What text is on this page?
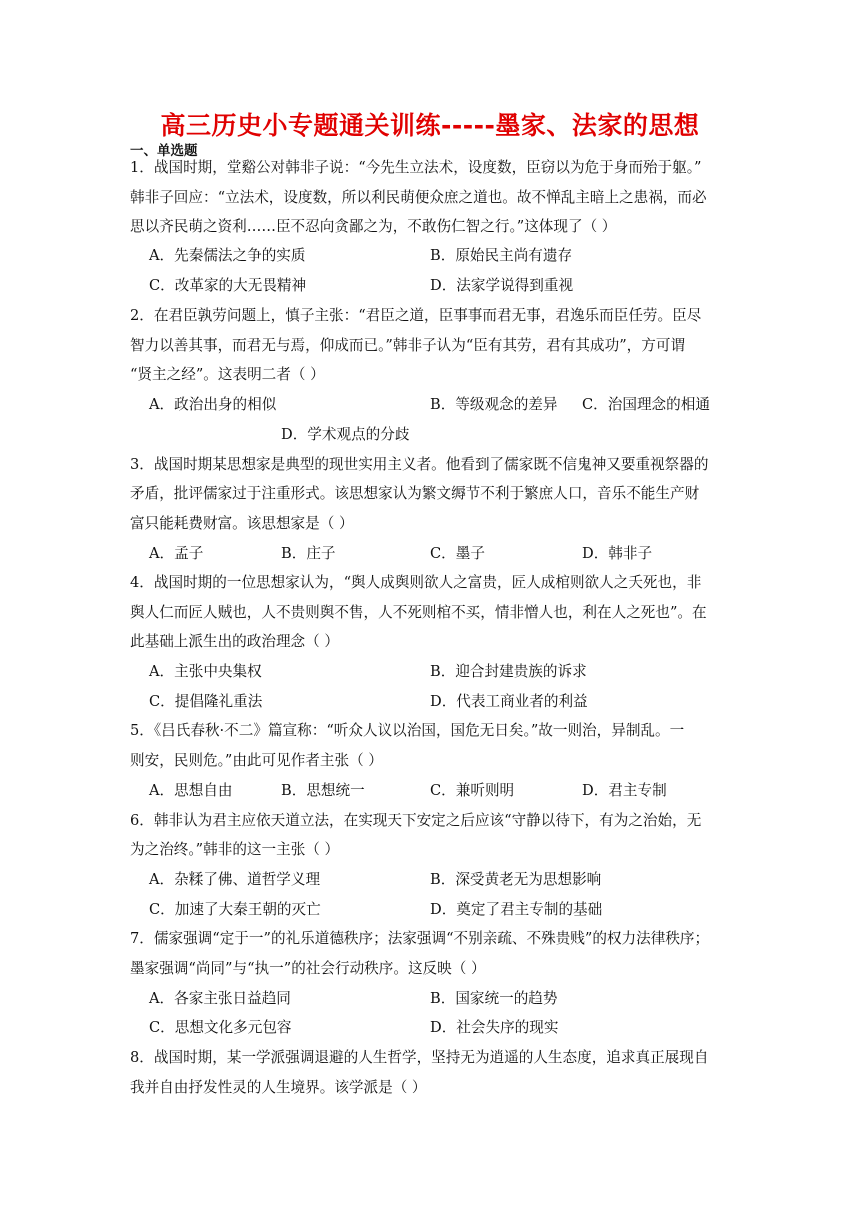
高三历史小专题通关训练-----墨家、法家的思想
一、单选题
1．战国时期，堂谿公对韩非子说：“今先生立法术，设度数，臣窃以为危于身而殆于躯。”
韩非子回应：“立法术，设度数，所以利民萌便众庶之道也。故不惮乱主暗上之患祸，而必
思以齐民萌之资利……臣不忍向贪鄙之为，不敢伤仁智之行。”这体现了（ ）
A．先秦儒法之争的实质	B．原始民主尚有遗存
C．改革家的大无畏精神	D．法家学说得到重视
2．在君臣孰劳问题上，慎子主张：“君臣之道，臣事事而君无事，君逸乐而臣任劳。臣尽
智力以善其事，而君无与焉，仰成而已。”韩非子认为“臣有其劳，君有其成功”，方可谓
“贤主之经”。这表明二者（ ）
A．政治出身的相似	B．等级观念的差异 C．治国理念的相通
D．学术观点的分歧
3．战国时期某思想家是典型的现世实用主义者。他看到了儒家既不信鬼神又要重视祭器的
矛盾，批评儒家过于注重形式。该思想家认为繁文缛节不利于繁庶人口，音乐不能生产财
富只能耗费财富。该思想家是（ ）
A．孟子	B．庄子	C．墨子	D．韩非子
4．战国时期的一位思想家认为，“舆人成舆则欲人之富贵，匠人成棺则欲人之夭死也，非
舆人仁而匠人贼也，人不贵则舆不售，人不死则棺不买，情非憎人也，利在人之死也”。在
此基础上派生出的政治理念（ ）
A．主张中央集权	B．迎合封建贵族的诉求
C．提倡隆礼重法	D．代表工商业者的利益
5．《吕氏春秋·不二》篇宣称：“听众人议以治国，国危无日矣。”故一则治，异制乱。一
则安，民则危。”由此可见作者主张（ ）
A．思想自由	B．思想统一	C．兼听则明	D．君主专制
6．韩非认为君主应依天道立法，在实现天下安定之后应该“守静以待下，有为之治始，无
为之治终。”韩非的这一主张（ ）
A．杂糅了佛、道哲学义理	B．深受黄老无为思想影响
C．加速了大秦王朝的灭亡	D．奠定了君主专制的基础
7．儒家强调“定于一”的礼乐道德秩序；法家强调“不别亲疏、不殊贵贱”的权力法律秩序；
墨家强调“尚同”与“执一”的社会行动秩序。这反映（ ）
A．各家主张日益趋同	B．国家统一的趋势
C．思想文化多元包容	D．社会失序的现实
8．战国时期，某一学派强调退避的人生哲学，坚持无为逍遥的人生态度，追求真正展现自
我并自由抒发性灵的人生境界。该学派是（ ）
